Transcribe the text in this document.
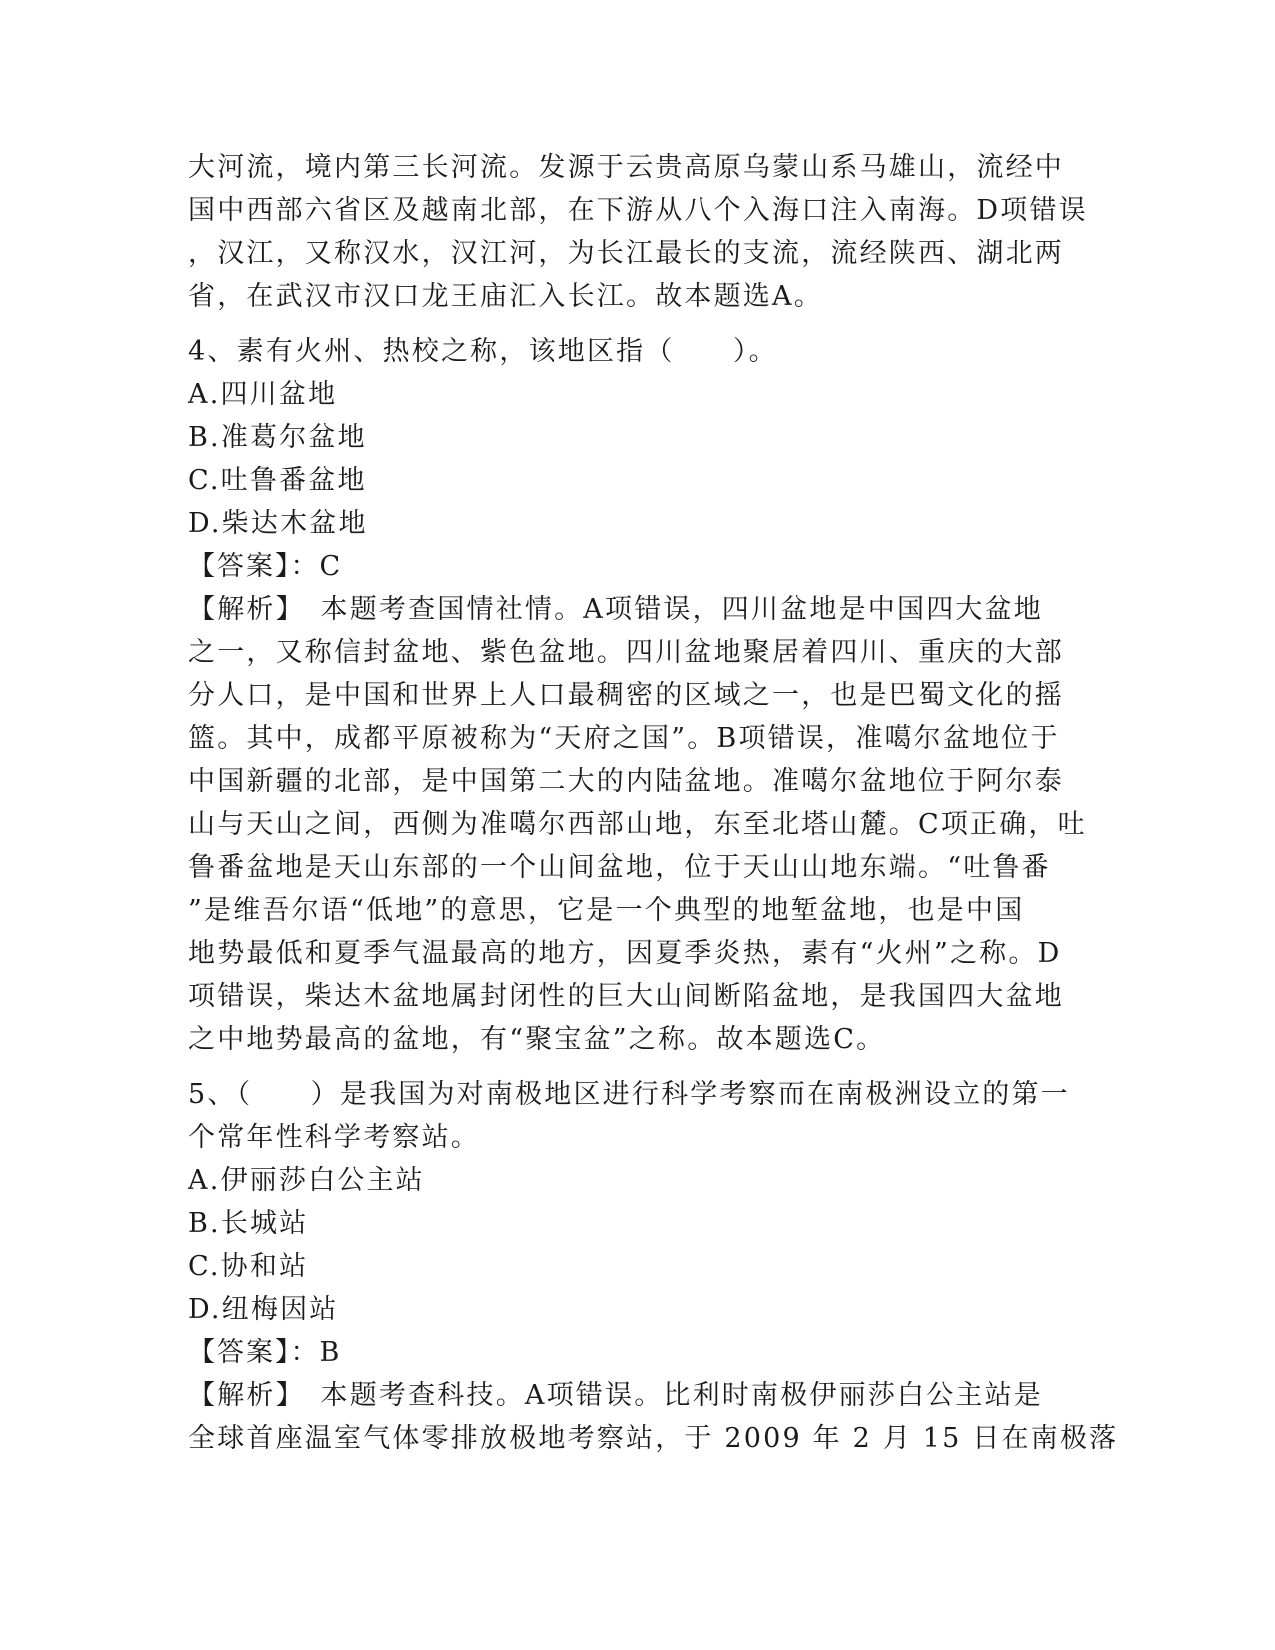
大河流，境内第三长河流。发源于云贵高原乌蒙山系马雄山，流经中
国中西部六省区及越南北部，在下游从八个入海口注入南海。D项错误
，汉江，又称汉水，汉江河，为长江最长的支流，流经陕西、湖北两
省，在武汉市汉口龙王庙汇入长江。故本题选A。
4、素有火州、热校之称，该地区指（　　）。
A.四川盆地
B.准葛尔盆地
C.吐鲁番盆地
D.柴达木盆地
【答案】：C
【解析】　本题考查国情社情。A项错误，四川盆地是中国四大盆地
之一，又称信封盆地、紫色盆地。四川盆地聚居着四川、重庆的大部
分人口，是中国和世界上人口最稠密的区域之一，也是巴蜀文化的摇
篮。其中，成都平原被称为“天府之国”。B项错误，准噶尔盆地位于
中国新疆的北部，是中国第二大的内陆盆地。准噶尔盆地位于阿尔泰
山与天山之间，西侧为准噶尔西部山地，东至北塔山麓。C项正确，吐
鲁番盆地是天山东部的一个山间盆地，位于天山山地东端。“吐鲁番
”是维吾尔语“低地”的意思，它是一个典型的地堑盆地，也是中国
地势最低和夏季气温最高的地方，因夏季炎热，素有“火州”之称。D
项错误，柴达木盆地属封闭性的巨大山间断陷盆地，是我国四大盆地
之中地势最高的盆地，有“聚宝盆”之称。故本题选C。
5、（　　）是我国为对南极地区进行科学考察而在南极洲设立的第一
个常年性科学考察站。
A.伊丽莎白公主站
B.长城站
C.协和站
D.纽梅因站
【答案】：B
【解析】　本题考查科技。A项错误。比利时南极伊丽莎白公主站是
全球首座温室气体零排放极地考察站，于 2009 年 2 月 15 日在南极落
